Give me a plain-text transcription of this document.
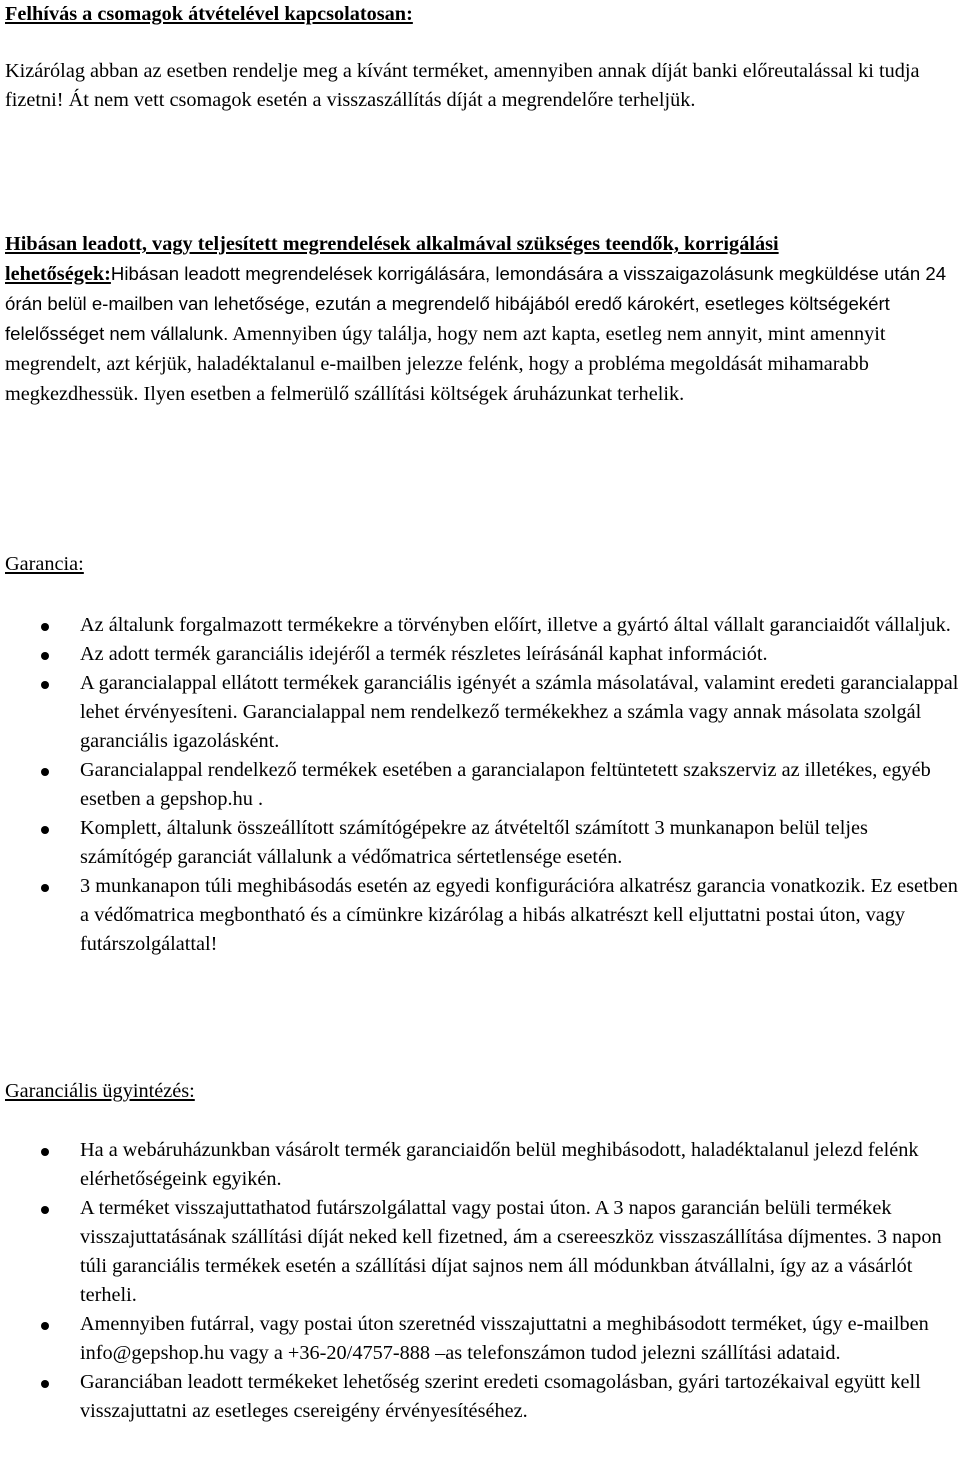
Felhívás a csomagok átvételével kapcsolatosan:

Kizárólag abban az esetben rendelje meg a kívánt terméket, amennyiben annak díját banki előreutalással ki tudja fizetni! Át nem vett csomagok esetén a visszaszállítás díját a megrendelőre terheljük.

Hibásan leadott, vagy teljesített megrendelések alkalmával szükséges teendők, korrigálási lehetőségek:Hibásan leadott megrendelések korrigálására, lemondására a visszaigazolásunk megküldése után 24 órán belül e-mailben van lehetősége, ezután a megrendelő hibájából eredő károkért, esetleges költségekért felelősséget nem vállalunk. Amennyiben úgy találja, hogy nem azt kapta, esetleg nem annyit, mint amennyit megrendelt, azt kérjük, haladéktalanul e-mailben jelezze felénk, hogy a probléma megoldását mihamarabb megkezdhessük. Ilyen esetben a felmerülő szállítási költségek áruházunkat terhelik.
Garancia:
Az általunk forgalmazott termékekre a törvényben előírt, illetve a gyártó által vállalt garanciaidőt vállaljuk.
Az adott termék garanciális idejéről a termék részletes leírásánál kaphat információt.
A garancialappal ellátott termékek garanciális igényét a számla másolatával, valamint eredeti garancialappal lehet érvényesíteni. Garancialappal nem rendelkező termékekhez a számla vagy annak másolata szolgál garanciális igazolásként.
Garancialappal rendelkező termékek esetében a garancialapon feltüntetett szakszerviz az illetékes, egyéb esetben a gepshop.hu .
Komplett, általunk összeállított számítógépekre az átvételtől számított 3 munkanapon belül teljes számítógép garanciát vállalunk a védőmatrica sértetlensége esetén.
3 munkanapon túli meghibásodás esetén az egyedi konfigurációra alkatrész garancia vonatkozik. Ez esetben a védőmatrica megbontható és a címünkre kizárólag a hibás alkatrészt kell eljuttatni postai úton, vagy futárszolgálattal!
Garanciális ügyintézés:
Ha a webáruházunkban vásárolt termék garanciaidőn belül meghibásodott, haladéktalanul jelezd felénk elérhetőségeink egyikén.
A terméket visszajuttathatod futárszolgálattal vagy postai úton. A 3 napos garancián belüli termékek visszajuttatásának szállítási díját neked kell fizetned, ám a csereeszköz visszaszállítása díjmentes. 3 napon túli garanciális termékek esetén a szállítási díjat sajnos nem áll módunkban átvállalni, így az a vásárlót terheli.
Amennyiben futárral, vagy postai úton szeretnéd visszajuttatni a meghibásodott terméket, úgy e-mailben info@gepshop.hu vagy a +36-20/4757-888 –as telefonszámon tudod jelezni szállítási adataid.
Garanciában leadott termékeket lehetőség szerint eredeti csomagolásban, gyári tartozékaival együtt kell visszajuttatni az esetleges csereigény érvényesítéséhez.
